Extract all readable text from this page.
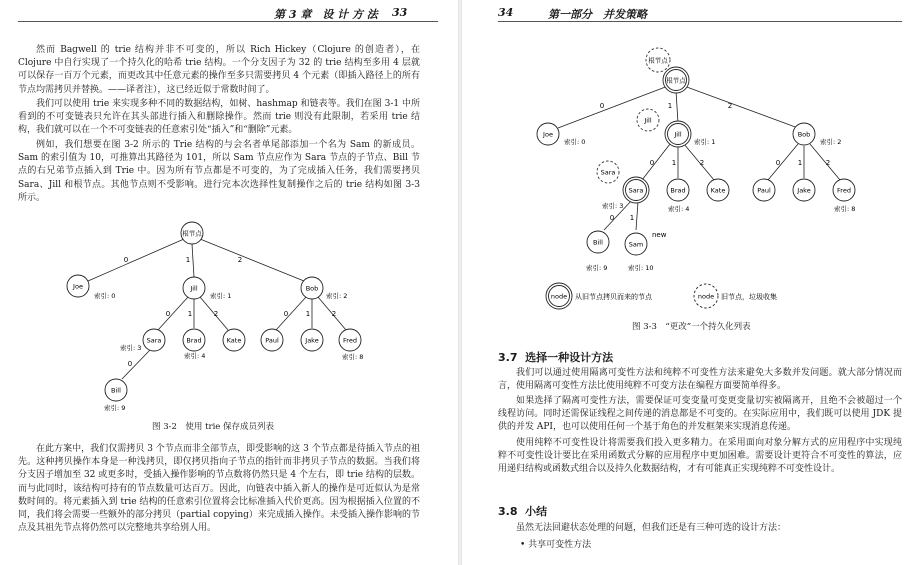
第 3 章　设 计 方 法 33

然而 Bagwell 的 trie 结构并非不可变的，所以 Rich Hickey（Clojure 的创造者），在 Clojure 中自行实现了一个持久化的哈希 trie 结构。一个分支因子为 32 的 trie 结构至多用 4 层就可以保存一百万个元素，而更改其中任意元素的操作至多只需要拷贝 4 个元素（即插入路径上的所有节点均需拷贝并替换。——译者注），这已经近似于常数时间了。

我们可以使用 trie 来实现多种不同的数据结构，如树、hashmap 和链表等。我们在图 3-1 中所看到的不可变链表只允许在其头部进行插入和删除操作。然而 trie 则没有此限制，若采用 trie 结构，我们就可以在一个不可变链表的任意索引处“插入”和“删除”元素。

例如，我们想要在图 3-2 所示的 Trie 结构的与会名者单尾部添加一个名为 Sam 的新成员。Sam 的索引值为 10，可推算出其路径为 101，所以 Sam 节点应作为 Sara 节点的子节点、Bill 节点的右兄弟节点插入到 Trie 中。因为所有节点都是不可变的，为了完成插入任务，我们需要拷贝 Sara、Jill 和根节点。其他节点则不受影响。进行完本次选择性复制操作之后的 trie 结构如图 3-3 所示。

0	1	2
0	1	2	0	1	2
0
根节点
Joe	Jill	Bob
Sara	Brad	Kate	Paul	Jake	Fred
Bill
索引: 0	索引: 1	索引: 2
索引: 3
索引: 4	索引: 8
索引: 9
图 3-2　使用 trie 保存成员列表

在此方案中，我们仅需拷贝 3 个节点而非全部节点，即受影响的这 3 个节点都是待插入节点的祖先。这种拷贝操作本身是一种浅拷贝，即仅拷贝指向子节点的指针而非拷贝子节点的数据。当我们将分支因子增加至 32 或更多时，受插入操作影响的节点数将仍然只是 4 个左右，即 trie 结构的层数。而与此同时，该结构可持有的节点数量可达百万。因此，向链表中插入新人的操作是可近似认为是常数时间的。将元素插入到 trie 结构的任意索引位置将会比标准插入代价更高。因为根据插入位置的不同，我们将会需要一些额外的部分拷贝（partial copying）来完成插入操作。未受插入操作影响的节点及其祖先节点将仍然可以完整地共享给别人用。

34	第一部分　并发策略
0	1	2
0	1	2	0	1	2
0 1
根节点
Jill
Sara
根节点
Joe	Jill	Bob
Sara	Brad	Kate	Paul	Jake	Fred
Bill	Sam
new
索引: 0	索引: 1	索引: 2
索引: 3	索引: 4	索引: 8
索引: 9	索引: 10
node	node
从旧节点拷贝而来的节点	旧节点，垃圾收集
图 3-3　“更改”一个持久化列表
3.7 选择一种设计方法

我们可以通过使用隔离可变性方法和纯粹不可变性方法来避免大多数并发问题。就大部分情况而言，使用隔离可变性方法比使用纯粹不可变方法在编程方面要简单得多。

如果选择了隔离可变性方法，需要保证可变变量可变更变量切实被隔离开，且绝不会被超过一个线程访问。同时还需保证线程之间传递的消息都是不可变的。在实际应用中，我们既可以使用 JDK 提供的并发 API，也可以使用任何一个基于角色的并发框架来实现消息传递。

使用纯粹不可变性设计将需要我们投入更多精力。在采用面向对象分解方式的应用程序中实现纯粹不可变性设计要比在采用函数式分解的应用程序中更加困难。需要设计更符合不可变性的算法，应用递归结构或函数式组合以及持久化数据结构，才有可能真正实现纯粹不可变性设计。

3.8 小结

虽然无法回避状态处理的问题，但我们还是有三种可选的设计方法：

• 共享可变性方法
